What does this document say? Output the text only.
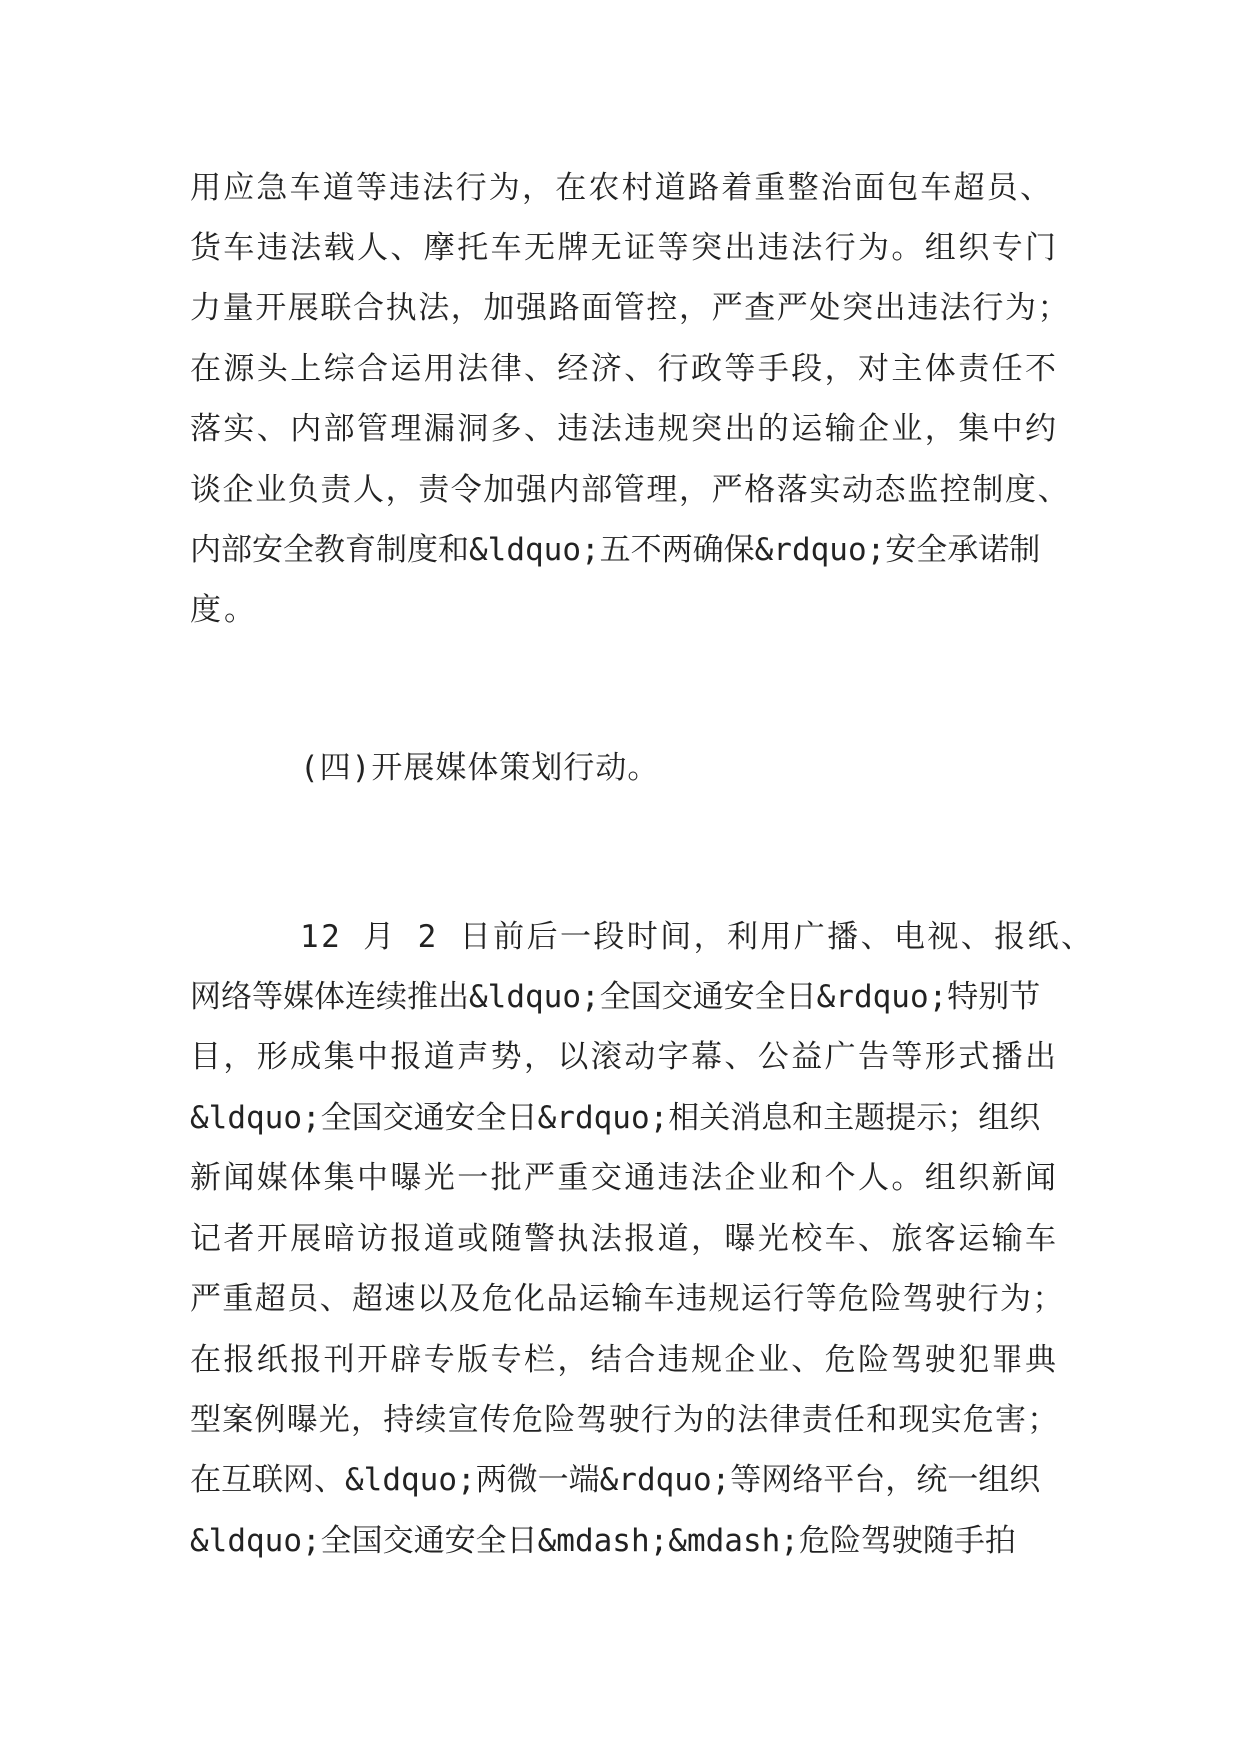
用应急车道等违法行为，在农村道路着重整治面包车超员、
货车违法载人、摩托车无牌无证等突出违法行为。组织专门
力量开展联合执法，加强路面管控，严查严处突出违法行为；
在源头上综合运用法律、经济、行政等手段，对主体责任不
落实、内部管理漏洞多、违法违规突出的运输企业，集中约
谈企业负责人，责令加强内部管理，严格落实动态监控制度、
内部安全教育制度和&ldquo;五不两确保&rdquo;安全承诺制
度。
(四)开展媒体策划行动。
12 月 2 日前后一段时间，利用广播、电视、报纸、
网络等媒体连续推出&ldquo;全国交通安全日&rdquo;特别节
目，形成集中报道声势，以滚动字幕、公益广告等形式播出
&ldquo;全国交通安全日&rdquo;相关消息和主题提示；组织
新闻媒体集中曝光一批严重交通违法企业和个人。组织新闻
记者开展暗访报道或随警执法报道，曝光校车、旅客运输车
严重超员、超速以及危化品运输车违规运行等危险驾驶行为；
在报纸报刊开辟专版专栏，结合违规企业、危险驾驶犯罪典
型案例曝光，持续宣传危险驾驶行为的法律责任和现实危害；
在互联网、&ldquo;两微一端&rdquo;等网络平台，统一组织
&ldquo;全国交通安全日&mdash;&mdash;危险驾驶随手拍
